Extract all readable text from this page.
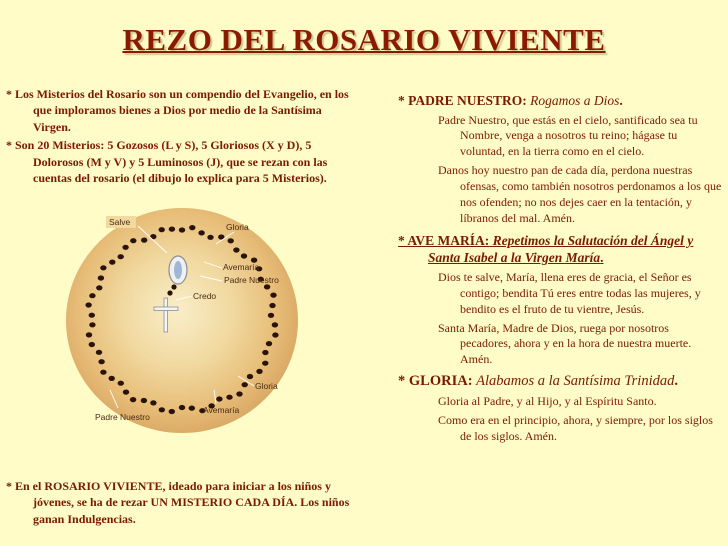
REZO DEL ROSARIO VIVIENTE

* Los Misterios del Rosario son un compendio del Evangelio, en los que imploramos bienes a Dios por medio de la Santísima Virgen.

* Son 20 Misterios: 5 Gozosos (L y S), 5 Gloriosos (X y D), 5 Dolorosos (M y V) y 5 Luminosos (J), que se rezan con las cuentas del rosario (el dibujo lo explica para 5 Misterios).

Salve	Gloria
Avemaría
Padre Nuestro
Credo
Gloria
Avemaría
Padre Nuestro

* En el ROSARIO VIVIENTE, ideado para iniciar a los niños y jóvenes, se ha de rezar UN MISTERIO CADA DÍA. Los niños ganan Indulgencias.

* PADRE NUESTRO: Rogamos a Dios.

Padre Nuestro, que estás en el cielo, santificado sea tu Nombre, venga a nosotros tu reino; hágase tu voluntad, en la tierra como en el cielo.

Danos hoy nuestro pan de cada día, perdona nuestras ofensas, como también nosotros perdonamos a los que nos ofenden; no nos dejes caer en la tentación, y líbranos del mal. Amén.

* AVE MARÍA: Repetimos la Salutación del Ángel y Santa Isabel a la Virgen María.

Dios te salve, María, llena eres de gracia, el Señor es contigo; bendita Tú eres entre todas las mujeres, y bendito es el fruto de tu vientre, Jesús.

Santa María, Madre de Dios, ruega por nosotros pecadores, ahora y en la hora de nuestra muerte. Amén.

* GLORIA: Alabamos a la Santísima Trinidad.

Gloria al Padre, y al Hijo, y al Espíritu Santo.

Como era en el principio, ahora, y siempre, por los siglos de los siglos. Amén.
